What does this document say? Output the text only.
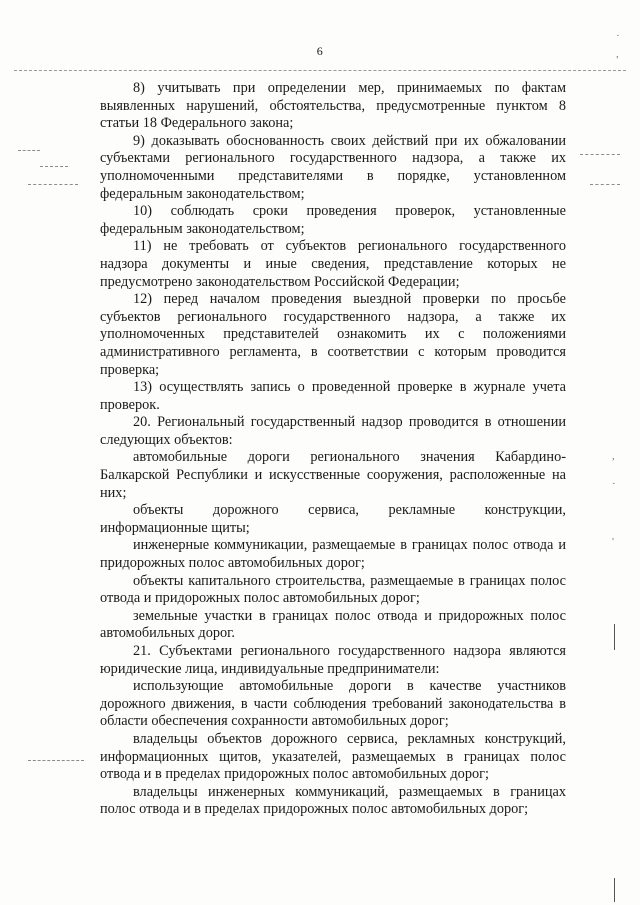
6
·
,
,
·
'

8) учитывать при определении мер, принимаемых по фактам выявленных нарушений, обстоятельства, предусмотренные пунктом 8 статьи 18 Федерального закона;

9) доказывать обоснованность своих действий при их обжаловании субъектами регионального государственного надзора, а также их уполномоченными представителями в порядке, установленном федеральным законодательством;

10) соблюдать сроки проведения проверок, установленные федеральным законодательством;

11) не требовать от субъектов регионального государственного надзора документы и иные сведения, представление которых не предусмотрено законодательством Российской Федерации;

12) перед началом проведения выездной проверки по просьбе субъектов регионального государственного надзора, а также их уполномоченных представителей ознакомить их с положениями административного регламента, в соответствии с которым проводится проверка;

13) осуществлять запись о проведенной проверке в журнале учета проверок.

20. Региональный государственный надзор проводится в отношении следующих объектов:

автомобильные дороги регионального значения Кабардино-Балкарской Республики и искусственные сооружения, расположенные на них;

объекты дорожного сервиса, рекламные конструкции, информационные щиты;

инженерные коммуникации, размещаемые в границах полос отвода и придорожных полос автомобильных дорог;

объекты капитального строительства, размещаемые в границах полос отвода и придорожных полос автомобильных дорог;

земельные участки в границах полос отвода и придорожных полос автомобильных дорог.

21. Субъектами регионального государственного надзора являются юридические лица, индивидуальные предприниматели:

использующие автомобильные дороги в качестве участников дорожного движения, в части соблюдения требований законодательства в области обеспечения сохранности автомобильных дорог;

владельцы объектов дорожного сервиса, рекламных конструкций, информационных щитов, указателей, размещаемых в границах полос отвода и в пределах придорожных полос автомобильных дорог;

владельцы инженерных коммуникаций, размещаемых в границах полос отвода и в пределах придорожных полос автомобильных дорог;
